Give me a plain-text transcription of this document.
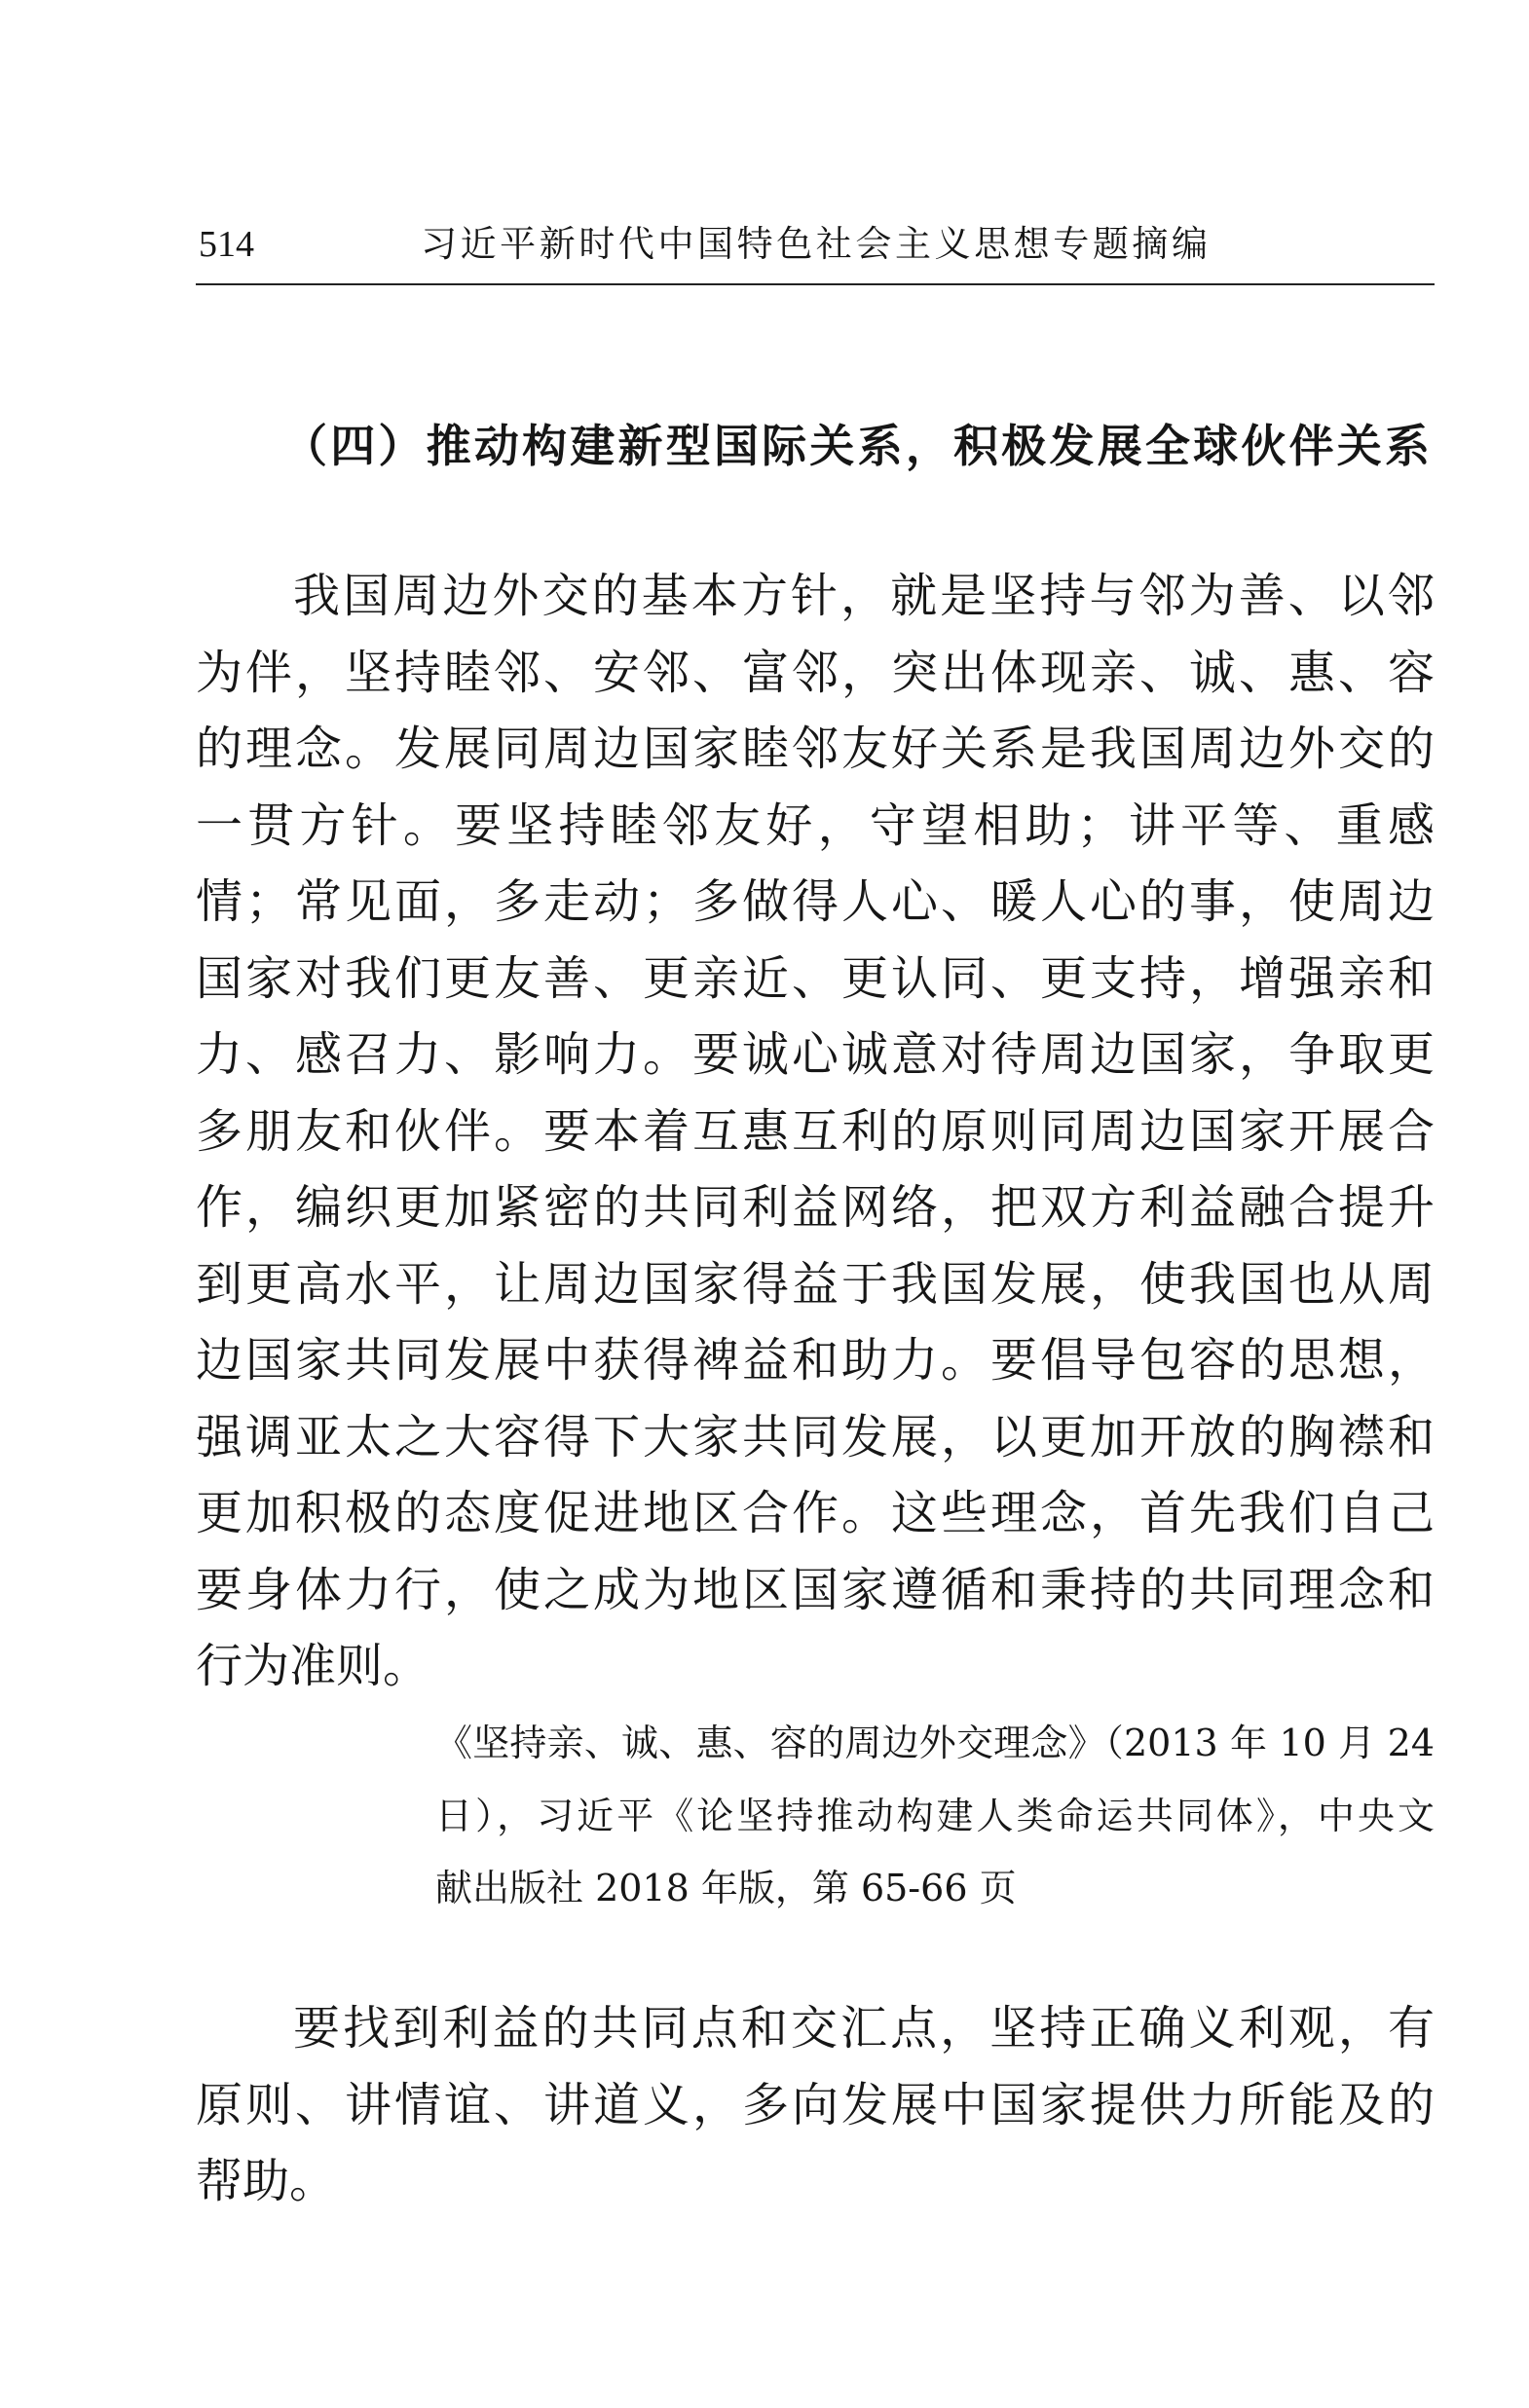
514	习近平新时代中国特色社会主义思想专题摘编
（四）推动构建新型国际关系，积极发展全球伙伴关系
我国周边外交的基本方针，就是坚持与邻为善、以邻
为伴，坚持睦邻、安邻、富邻，突出体现亲、诚、惠、容
的理念。发展同周边国家睦邻友好关系是我国周边外交的
一贯方针。要坚持睦邻友好，守望相助；讲平等、重感
情；常见面，多走动；多做得人心、暖人心的事，使周边
国家对我们更友善、更亲近、更认同、更支持，增强亲和
力、感召力、影响力。要诚心诚意对待周边国家，争取更
多朋友和伙伴。要本着互惠互利的原则同周边国家开展合
作，编织更加紧密的共同利益网络，把双方利益融合提升
到更高水平，让周边国家得益于我国发展，使我国也从周
边国家共同发展中获得裨益和助力。要倡导包容的思想，
强调亚太之大容得下大家共同发展，以更加开放的胸襟和
更加积极的态度促进地区合作。这些理念，首先我们自己
要身体力行，使之成为地区国家遵循和秉持的共同理念和
行为准则。
《坚持亲、诚、惠、容的周边外交理念》（2013 年 10 月 24
日），习近平《论坚持推动构建人类命运共同体》，中央文
献出版社 2018 年版，第 65-66 页
要找到利益的共同点和交汇点，坚持正确义利观，有
原则、讲情谊、讲道义，多向发展中国家提供力所能及的
帮助。
